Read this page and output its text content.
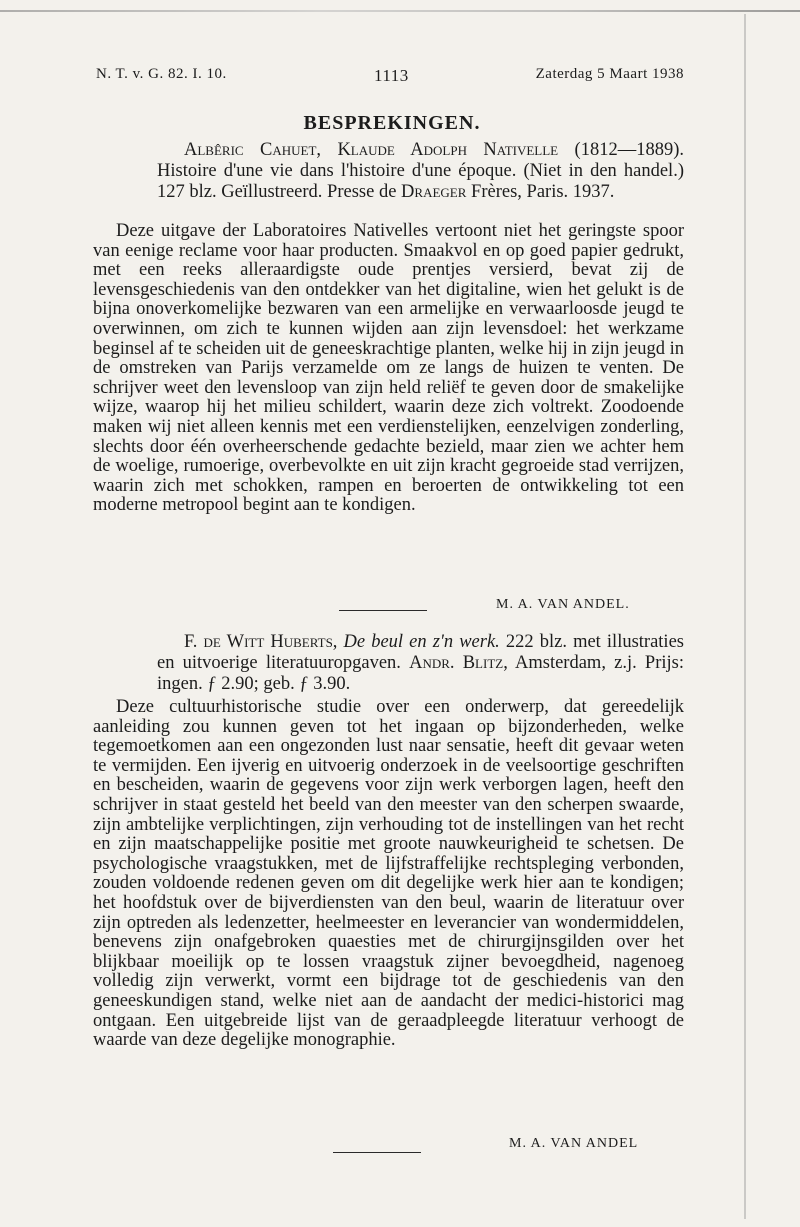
N. T. v. G. 82. I. 10.	1113	Zaterdag 5 Maart 1938
BESPREKINGEN.
Albêric Cahuet, Klaude Adolph Nativelle (1812—1889). Histoire d'une vie dans l'histoire d'une époque. (Niet in den handel.) 127 blz. Geïllustreerd. Presse de Draeger Frères, Paris. 1937.
Deze uitgave der Laboratoires Nativelles vertoont niet het geringste spoor van eenige reclame voor haar producten. Smaakvol en op goed papier gedrukt, met een reeks alleraardigste oude prentjes versierd, bevat zij de levensgeschiedenis van den ontdekker van het digitaline, wien het gelukt is de bijna onoverkomelijke bezwaren van een armelijke en verwaarloosde jeugd te overwinnen, om zich te kunnen wijden aan zijn levensdoel: het werkzame beginsel af te scheiden uit de geneeskrachtige planten, welke hij in zijn jeugd in de omstreken van Parijs verzamelde om ze langs de huizen te venten. De schrijver weet den levensloop van zijn held reliëf te geven door de smakelijke wijze, waarop hij het milieu schildert, waarin deze zich voltrekt. Zoodoende maken wij niet alleen kennis met een verdienstelijken, eenzelvigen zonderling, slechts door één overheerschende gedachte bezield, maar zien we achter hem de woelige, rumoerige, overbevolkte en uit zijn kracht gegroeide stad verrijzen, waarin zich met schokken, rampen en beroerten de ontwikkeling tot een moderne metropool begint aan te kondigen.
M. A. VAN ANDEL.
F. de Witt Huberts, De beul en z'n werk. 222 blz. met illustraties en uitvoerige literatuuropgaven. Andr. Blitz, Amsterdam, z.j. Prijs: ingen. ƒ 2.90; geb. ƒ 3.90.
Deze cultuurhistorische studie over een onderwerp, dat gereedelijk aanleiding zou kunnen geven tot het ingaan op bijzonderheden, welke tegemoetkomen aan een ongezonden lust naar sensatie, heeft dit gevaar weten te vermijden. Een ijverig en uitvoerig onderzoek in de veelsoortige geschriften en bescheiden, waarin de gegevens voor zijn werk verborgen lagen, heeft den schrijver in staat gesteld het beeld van den meester van den scherpen swaarde, zijn ambtelijke verplichtingen, zijn verhouding tot de instellingen van het recht en zijn maatschappelijke positie met groote nauwkeurigheid te schetsen. De psychologische vraagstukken, met de lijfstraffelijke rechtspleging verbonden, zouden voldoende redenen geven om dit degelijke werk hier aan te kondigen; het hoofdstuk over de bijverdiensten van den beul, waarin de literatuur over zijn optreden als ledenzetter, heelmeester en leverancier van wondermiddelen, benevens zijn onafgebroken quaesties met de chirurgijnsgilden over het blijkbaar moeilijk op te lossen vraagstuk zijner bevoegdheid, nagenoeg volledig zijn verwerkt, vormt een bijdrage tot de geschiedenis van den geneeskundigen stand, welke niet aan de aandacht der medici-historici mag ontgaan. Een uitgebreide lijst van de geraadpleegde literatuur verhoogt de waarde van deze degelijke monographie.
M. A. VAN ANDEL
